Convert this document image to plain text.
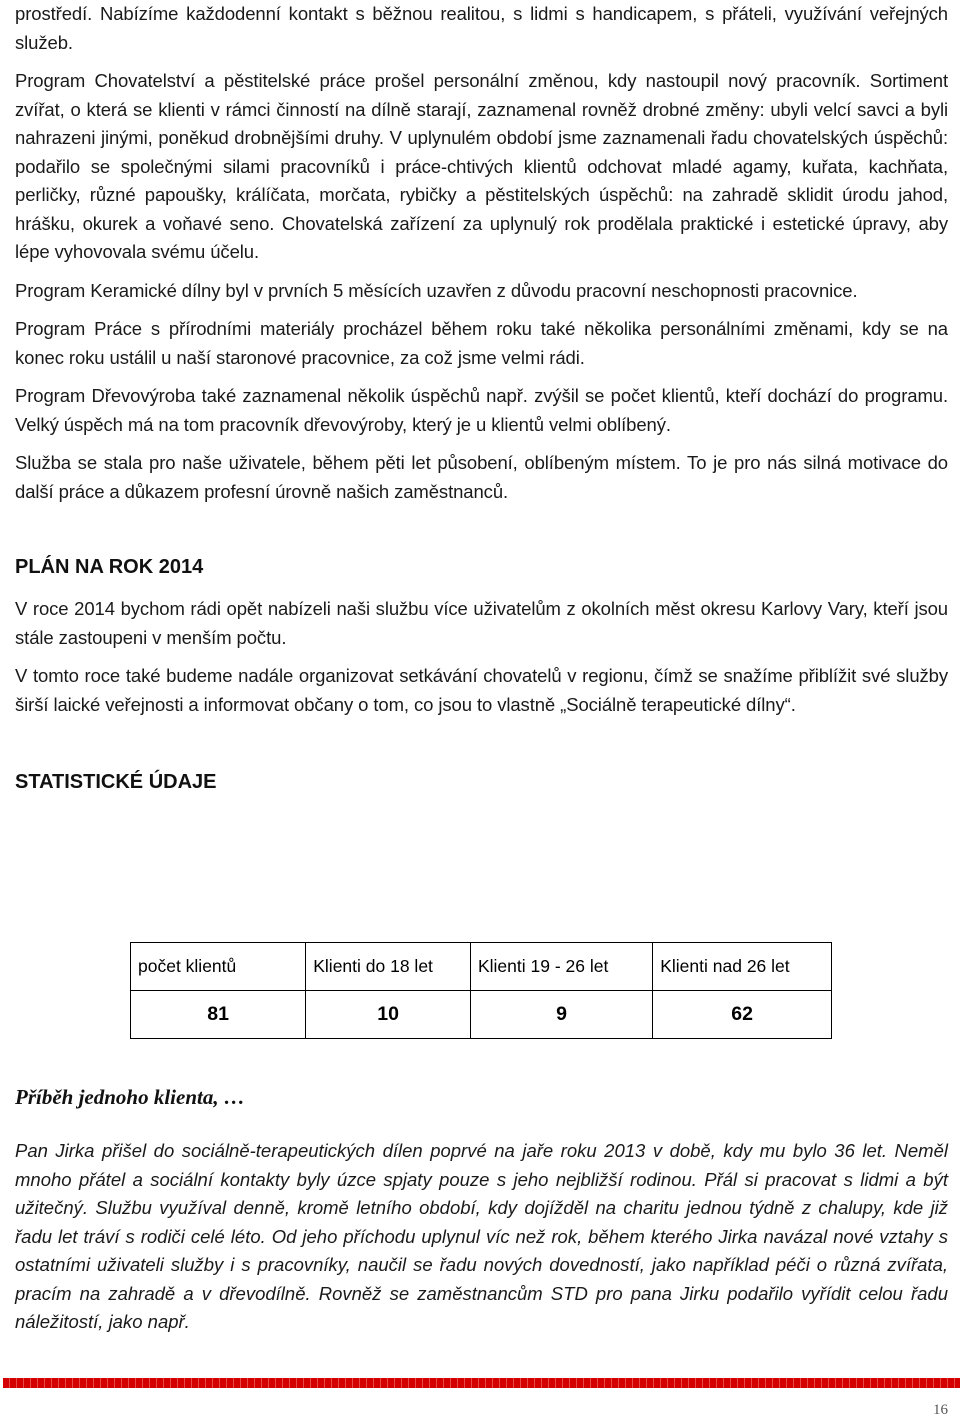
prostředí. Nabízíme každodenní kontakt s běžnou realitou, s lidmi s handicapem, s přáteli, využívání veřejných služeb.

Program Chovatelství a pěstitelské práce prošel personální změnou, kdy nastoupil nový pracovník. Sortiment zvířat, o která se klienti v rámci činností na dílně starají, zaznamenal rovněž drobné změny: ubyli velcí savci a byli nahrazeni jinými, poněkud drobnějšími druhy. V uplynulém období jsme zaznamenali řadu chovatelských úspěchů: podařilo se společnými silami pracovníků i práce-chtivých klientů odchovat mladé agamy, kuřata, kachňata, perličky, různé papoušky, králíčata, morčata, rybičky a pěstitelských úspěchů: na zahradě sklidit úrodu jahod, hrášku, okurek a voňavé seno. Chovatelská zařízení za uplynulý rok prodělala praktické i estetické úpravy, aby lépe vyhovovala svému účelu.

Program Keramické dílny byl v prvních 5 měsících uzavřen z důvodu pracovní neschopnosti pracovnice.

Program Práce s přírodními materiály procházel během roku také několika personálními změnami, kdy se na konec roku ustálil u naší staronové pracovnice, za což jsme velmi rádi.

Program Dřevovýroba také zaznamenal několik úspěchů např. zvýšil se počet klientů, kteří dochází do programu. Velký úspěch má na tom pracovník dřevovýroby, který je u klientů velmi oblíbený.

Služba se stala pro naše uživatele, během pěti let působení, oblíbeným místem. To je pro nás silná motivace do další práce a důkazem profesní úrovně našich zaměstnanců.

PLÁN NA ROK 2014

V roce 2014 bychom rádi opět nabízeli naši službu více uživatelům z okolních měst okresu Karlovy Vary, kteří jsou stále zastoupeni v menším počtu.

V tomto roce také budeme nadále organizovat setkávání chovatelů v regionu, čímž se snažíme přiblížit své služby širší laické veřejnosti a informovat občany o tom, co jsou to vlastně „Sociálně terapeutické dílny“.

STATISTICKÉ ÚDAJE
počet klientů	Klienti do 18 let	Klienti 19 - 26 let	Klienti nad 26 let
81	10	9	62
Příběh jednoho klienta, …

Pan Jirka přišel do sociálně-terapeutických dílen poprvé na jaře roku 2013 v době, kdy mu bylo 36 let. Neměl mnoho přátel a sociální kontakty byly úzce spjaty pouze s jeho nejbližší rodinou. Přál si pracovat s lidmi a být užitečný. Službu využíval denně, kromě letního období, kdy dojížděl na charitu jednou týdně z chalupy, kde již řadu let tráví s rodiči celé léto. Od jeho příchodu uplynul víc než rok, během kterého Jirka navázal nové vztahy s ostatními uživateli služby i s pracovníky, naučil se řadu nových dovedností, jako například péči o různá zvířata, pracím na zahradě a v dřevodílně. Rovněž se zaměstnancům STD pro pana Jirku podařilo vyřídit celou řadu náležitostí, jako např.

16
